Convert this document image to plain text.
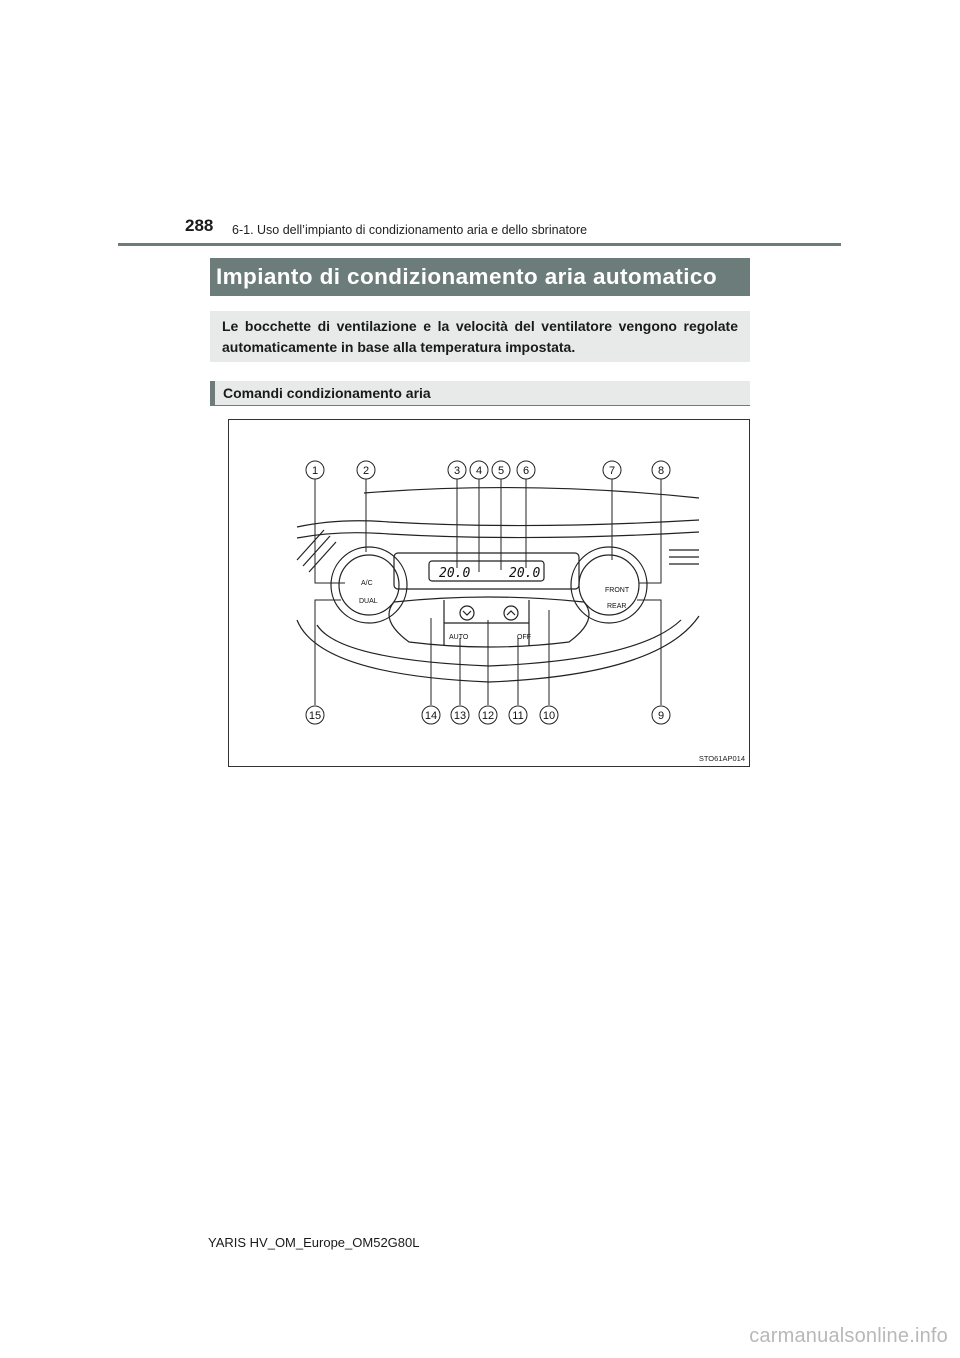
288 6-1. Uso dell’impianto di condizionamento aria e dello sbrinatore
Impianto di condizionamento aria automatico
Le bocchette di ventilazione e la velocità del ventilatore vengono regolate automaticamente in base alla temperatura impostata.
Comandi condizionamento aria
20.0	20.0
A/C
DUAL
FRONT
REAR
AUTO	OFF
1	2	3 4 5 6	7	8
15	14 13 12 11 10	9
STO61AP014
YARIS HV_OM_Europe_OM52G80L
carmanualsonline.info
